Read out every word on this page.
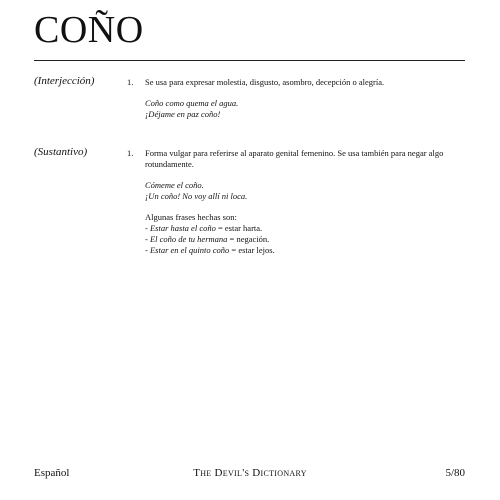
COÑO
(Interjección)	1. Se usa para expresar molestia, disgusto, asombro, decepción o alegría.

Coño como quema el agua.

¡Déjame en paz coño!

(Sustantivo)	1. Forma vulgar para referirse al aparato genital femenino. Se usa también para negar algo rotundamente.

Cómeme el coño.

¡Un coño! No voy allí ni loca.

Algunas frases hechas son:

- Estar hasta el coño = estar harta.

- El coño de tu hermana = negación.

- Estar en el quinto coño = estar lejos.

Español	The Devil's Dictionary	5/80
